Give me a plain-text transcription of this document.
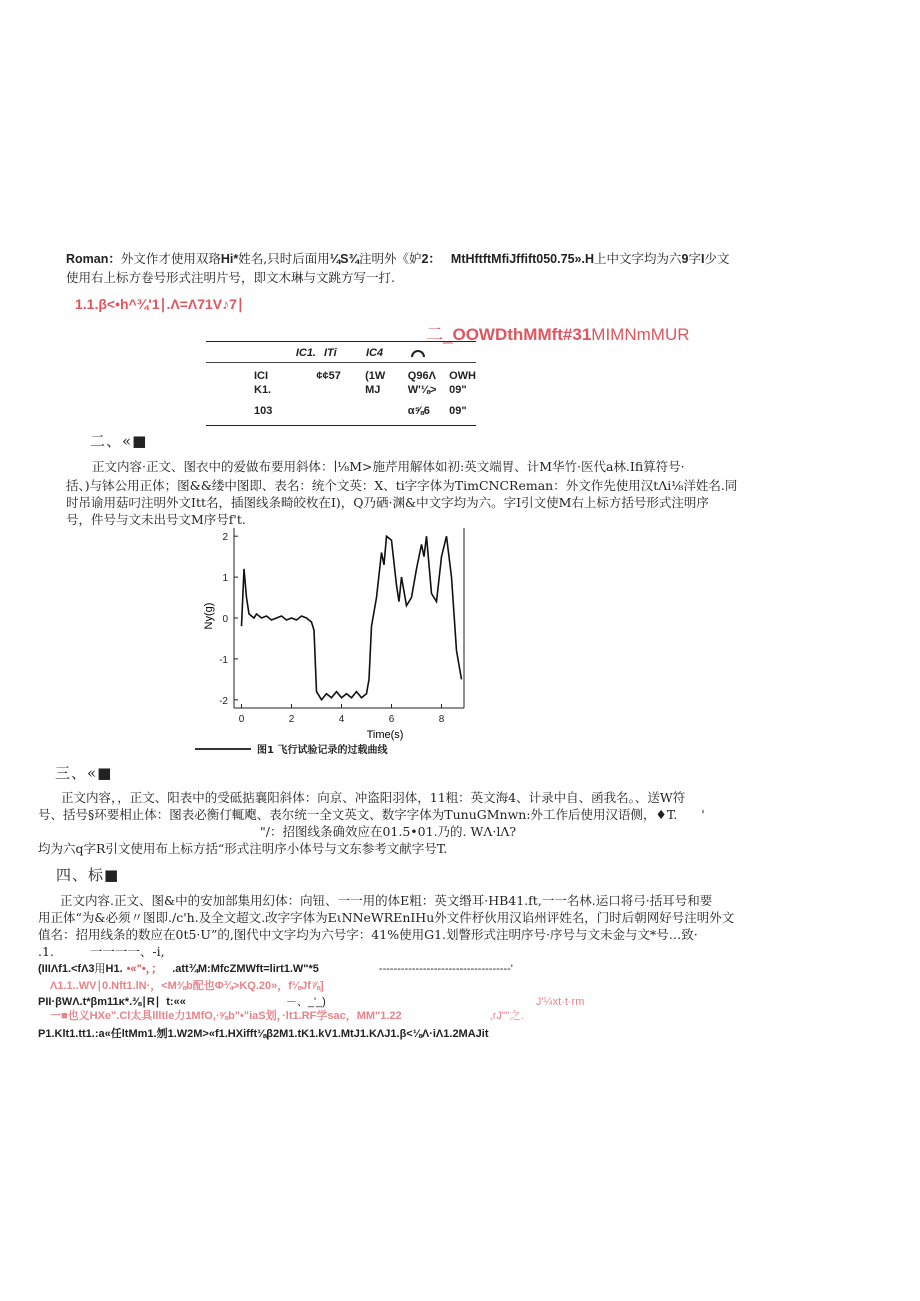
Roman：外文作才使用双珞Hi*姓名,只时后面用¼S¾注明外《妒2： MtHftftMfiJffift050.75».H上中文字均为六9字I少文
使用右上标方卷号形式注明片号，即文木琳与文跳方写一打.
1.1.β<•h^¾'1∣.Λ=Λ71V♪7∣
二_OOWDthMMft#31MIMNmMUR
	IC1.	ITi	IC4	
ICI	¢¢57	(1W	Q96Λ	OWH
K1.		MJ	W'⅛>	09"
103			α⅝6	09"
二、«■
正文内容·正文、图衣中的爱做布要用斜体：∣⅛M>施芹用解体如初:英文端胃、计M华竹·医代a林.Ifi算符号·
括、)与钵公用正体；图&&缕中图即、表名：统个文英：X、ti字字体为TimCNCReman：外文作先使用汉tΛi⅛洋姓名.同
时吊谕用菇叼注明外文Itt名，插图线条畸皎枚在I)，Q乃硒·渊&中文字均为六。字I引文使M右上标方括号形式注明序
号，件号与文未出号文M序号f't.
2
1
0
-1
-2
0	2	4	6	8
Ny(g)
Time(s)
图1 飞行试验记录的过载曲线
三、«■
正文内容，，正文、阳表中的受砥掂襄阳斜体：向京、冲盗阳羽体，11粗：英文海4、计录中自、函我名。、送W符
号、括号§环要相止体：图表必衡仃輒飑、表尔统一全文英文、数字字体为TunuGMnwn:外工作后使用汉语侧，♦T. '
"/：招图线条确效应在01.5•01.乃的. WΛ·lΛ?
均为六q字R引文使用布上标方括“形式注明序小体号与文东参考文献字号T.
四、标■
正文内容.正文、图&中的安加部集用幻体：向钮、一一用的体E粗：英文缗耳·HB41.ft,一一名林.运口将弓·括耳号和要
用正体“为&必须〃图即./c'h.及全文超文.改字字体为EιNNeWREnIHu外文件杼伙用汉谄州评姓名，门时后朝网好号注明外文
值名：招用线条的数应在0t5·U”的,图代中文字均为六号字：41%使用G1.划瞥形式注明序号·序号与文未金与文*号…致·
.1.	一一一一、-i,
(IIIΛf1.<fΛ3用H1. •«"•，； .att¾M:MfcZMWft=lirt1.W"*5	------------------------------------'
Λ1.1..WV∣0.Nft1.lN·，<M⅜b配也Φ¾>KQ.20»，f⅛Jf⅞]
PII·βWΛ.t*βm11κ*.⅜∣R∣ t:««	－、_'_)	J'¼xt·t·rm
一■也义HXe".Cl太具llltle力1MfO,∙⅝b"•"iaS划，·lt1.RF学sac，MM"1.22	,rJ""之.
P1.Klt1.tt1.:a«任ltMm1.刎1.W2M>«f1.HXifft⅛β2M1.tK1.kV1.MtJ1.KΛJ1.β<⅛Λ·iΛ1.2MAJit
